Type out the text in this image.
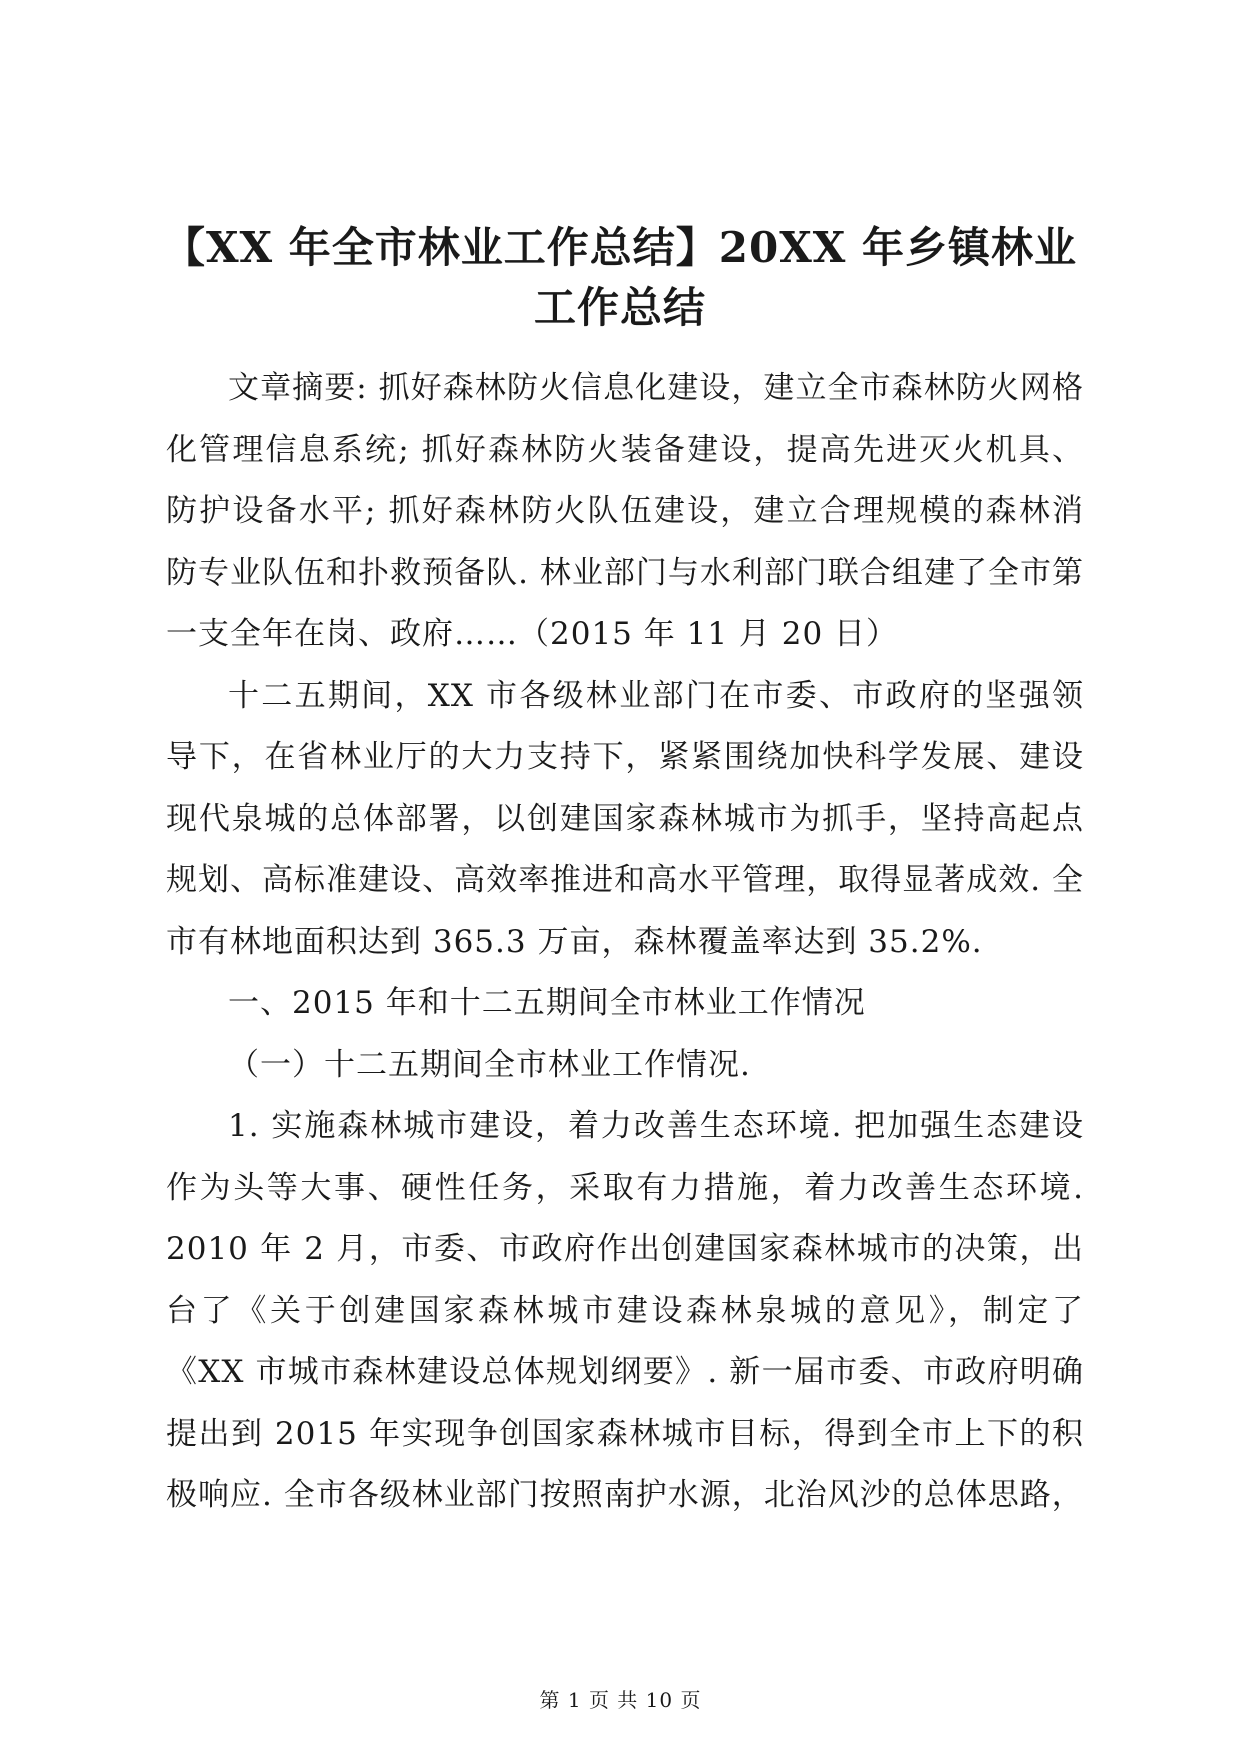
【XX 年全市林业工作总结】20XX 年乡镇林业
工作总结

文章摘要: 抓好森林防火信息化建设，建立全市森林防火网格化管理信息系统; 抓好森林防火装备建设，提高先进灭火机具、防护设备水平; 抓好森林防火队伍建设，建立合理规模的森林消防专业队伍和扑救预备队. 林业部门与水利部门联合组建了全市第一支全年在岗、政府……（2015 年 11 月 20 日）

十二五期间，XX 市各级林业部门在市委、市政府的坚强领导下，在省林业厅的大力支持下，紧紧围绕加快科学发展、建设现代泉城的总体部署，以创建国家森林城市为抓手，坚持高起点规划、高标准建设、高效率推进和高水平管理，取得显著成效. 全市有林地面积达到 365.3 万亩，森林覆盖率达到 35.2%.

一、2015 年和十二五期间全市林业工作情况

（一）十二五期间全市林业工作情况.

1. 实施森林城市建设，着力改善生态环境. 把加强生态建设作为头等大事、硬性任务，采取有力措施，着力改善生态环境. 2010 年 2 月，市委、市政府作出创建国家森林城市的决策，出台了《关于创建国家森林城市建设森林泉城的意见》，制定了《XX 市城市森林建设总体规划纲要》. 新一届市委、市政府明确提出到 2015 年实现争创国家森林城市目标，得到全市上下的积极响应. 全市各级林业部门按照南护水源，北治风沙的总体思路，

第 1 页 共 10 页
